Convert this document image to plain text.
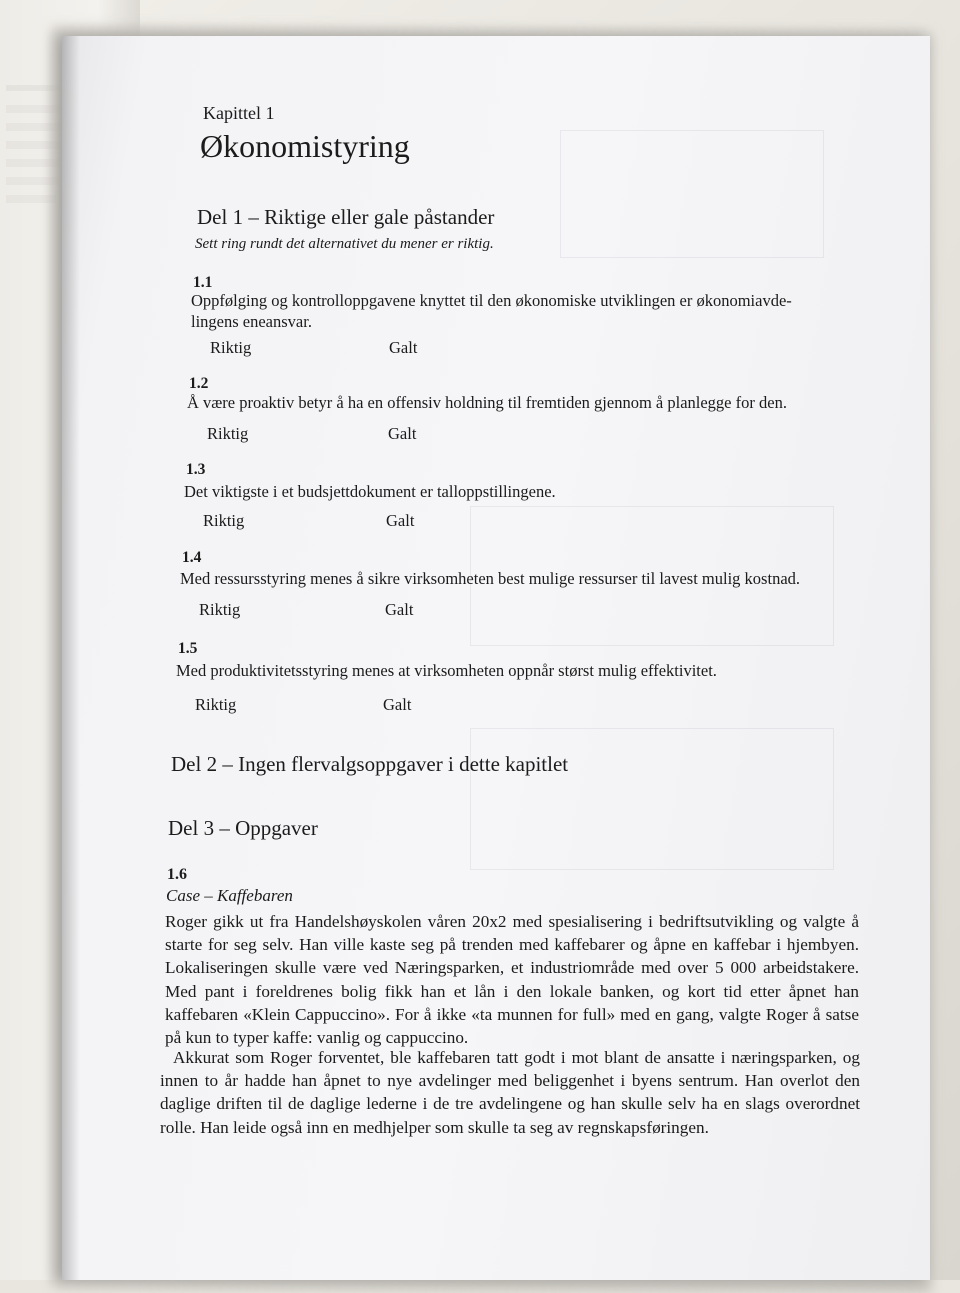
Kapittel 1
Økonomistyring
Del 1 – Riktige eller gale påstander
Sett ring rundt det alternativet du mener er riktig.
1.1
Oppfølging og kontrolloppgavene knyttet til den økonomiske utviklingen er økonomiavde-
lingens eneansvar.
Riktig	Galt
1.2
Å være proaktiv betyr å ha en offensiv holdning til fremtiden gjennom å planlegge for den.
Riktig	Galt
1.3
Det viktigste i et budsjettdokument er talloppstillingene.
Riktig	Galt
1.4
Med ressursstyring menes å sikre virksomheten best mulige ressurser til lavest mulig kostnad.
Riktig	Galt
1.5
Med produktivitetsstyring menes at virksomheten oppnår størst mulig effektivitet.
Riktig	Galt
Del 2 – Ingen flervalgsoppgaver i dette kapitlet
Del 3 – Oppgaver
1.6
Case – Kaffebaren
Roger gikk ut fra Handelshøyskolen våren 20x2 med spesialisering i bedriftsutvikling og valgte å starte for seg selv. Han ville kaste seg på trenden med kaffebarer og åpne en kaffebar i hjembyen. Lokaliseringen skulle være ved Næringsparken, et industriområde med over 5 000 arbeidstakere. Med pant i foreldrenes bolig fikk han et lån i den lokale banken, og kort tid etter åpnet han kaffebaren «Klein Cappuccino». For å ikke «ta munnen for full» med en gang, valgte Roger å satse på kun to typer kaffe: vanlig og cappuccino.
Akkurat som Roger forventet, ble kaffebaren tatt godt i mot blant de ansatte i næringsparken, og innen to år hadde han åpnet to nye avdelinger med beliggenhet i byens sentrum. Han overlot den daglige driften til de daglige lederne i de tre avdelingene og han skulle selv ha en slags overordnet rolle. Han leide også inn en medhjelper som skulle ta seg av regnskapsføringen.
